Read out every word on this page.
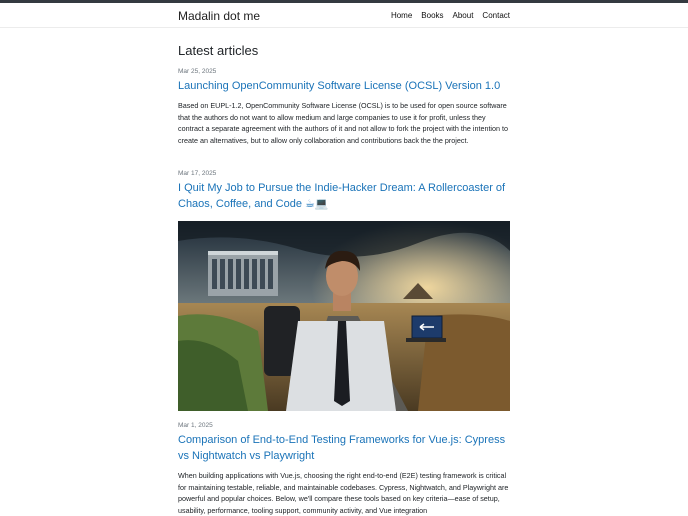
Madalin dot me	Home Books About Contact
Latest articles
Mar 25, 2025
Launching OpenCommunity Software License (OCSL) Version 1.0
Based on EUPL-1.2, OpenCommunity Software License (OCSL) is to be used for open source software that the authors do not want to allow medium and large companies to use it for profit, unless they contract a separate agreement with the authors of it and not allow to fork the project with the intention to create an alternatives, but to allow only collaboration and contributions back the the project.
Mar 17, 2025
I Quit My Job to Pursue the Indie-Hacker Dream: A Rollercoaster of Chaos, Coffee, and Code ☕💻
Mar 1, 2025
Comparison of End-to-End Testing Frameworks for Vue.js: Cypress vs Nightwatch vs Playwright
When building applications with Vue.js, choosing the right end-to-end (E2E) testing framework is critical for maintaining testable, reliable, and maintainable codebases. Cypress, Nightwatch, and Playwright are powerful and popular choices. Below, we'll compare these tools based on key criteria—ease of setup, usability, performance, tooling support, community activity, and Vue integration
